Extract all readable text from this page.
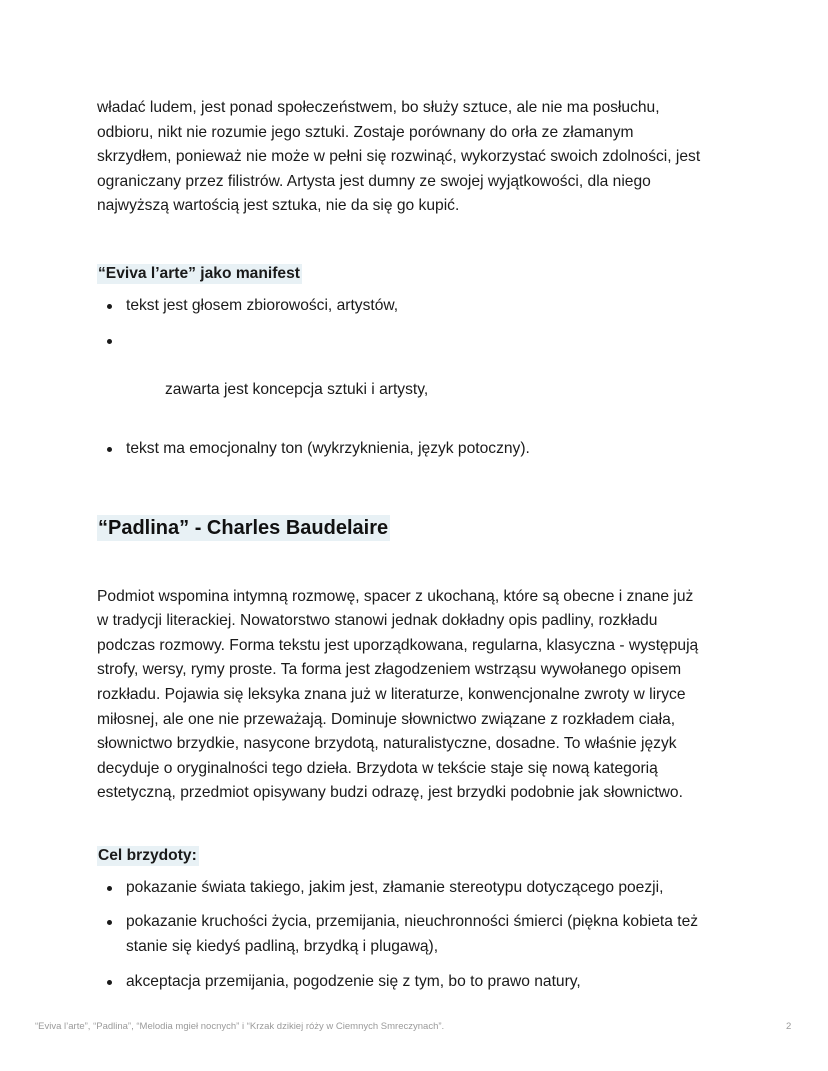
władać ludem, jest ponad społeczeństwem, bo służy sztuce, ale nie ma posłuchu,
odbioru, nikt nie rozumie jego sztuki. Zostaje porównany do orła ze złamanym
skrzydłem, ponieważ nie może w pełni się rozwinąć, wykorzystać swoich zdolności, jest
ograniczany przez filistrów. Artysta jest dumny ze swojej wyjątkowości, dla niego
najwyższą wartością jest sztuka, nie da się go kupić.

“Eviva l’arte” jako manifest
tekst jest głosem zbiorowości, artystów,

zawarta jest koncepcja sztuki i artysty,

tekst ma emocjonalny ton (wykrzyknienia, język potoczny).
“Padlina” - Charles Baudelaire

Podmiot wspomina intymną rozmowę, spacer z ukochaną, które są obecne i znane już
w tradycji literackiej. Nowatorstwo stanowi jednak dokładny opis padliny, rozkładu
podczas rozmowy. Forma tekstu jest uporządkowana, regularna, klasyczna - występują
strofy, wersy, rymy proste. Ta forma jest złagodzeniem wstrząsu wywołanego opisem
rozkładu. Pojawia się leksyka znana już w literaturze, konwencjonalne zwroty w liryce
miłosnej, ale one nie przeważają. Dominuje słownictwo związane z rozkładem ciała,
słownictwo brzydkie, nasycone brzydotą, naturalistyczne, dosadne. To właśnie język
decyduje o oryginalności tego dzieła. Brzydota w tekście staje się nową kategorią
estetyczną, przedmiot opisywany budzi odrazę, jest brzydki podobnie jak słownictwo.

Cel brzydoty:
pokazanie świata takiego, jakim jest, złamanie stereotypu dotyczącego poezji,
pokazanie kruchości życia, przemijania, nieuchronności śmierci (piękna kobieta też
stanie się kiedyś padliną, brzydką i plugawą),
akceptacja przemijania, pogodzenie się z tym, bo to prawo natury,
“Eviva l’arte”, “Padlina”, “Melodia mgieł nocnych” i “Krzak dzikiej róży w Ciemnych Smreczynach”.	2
